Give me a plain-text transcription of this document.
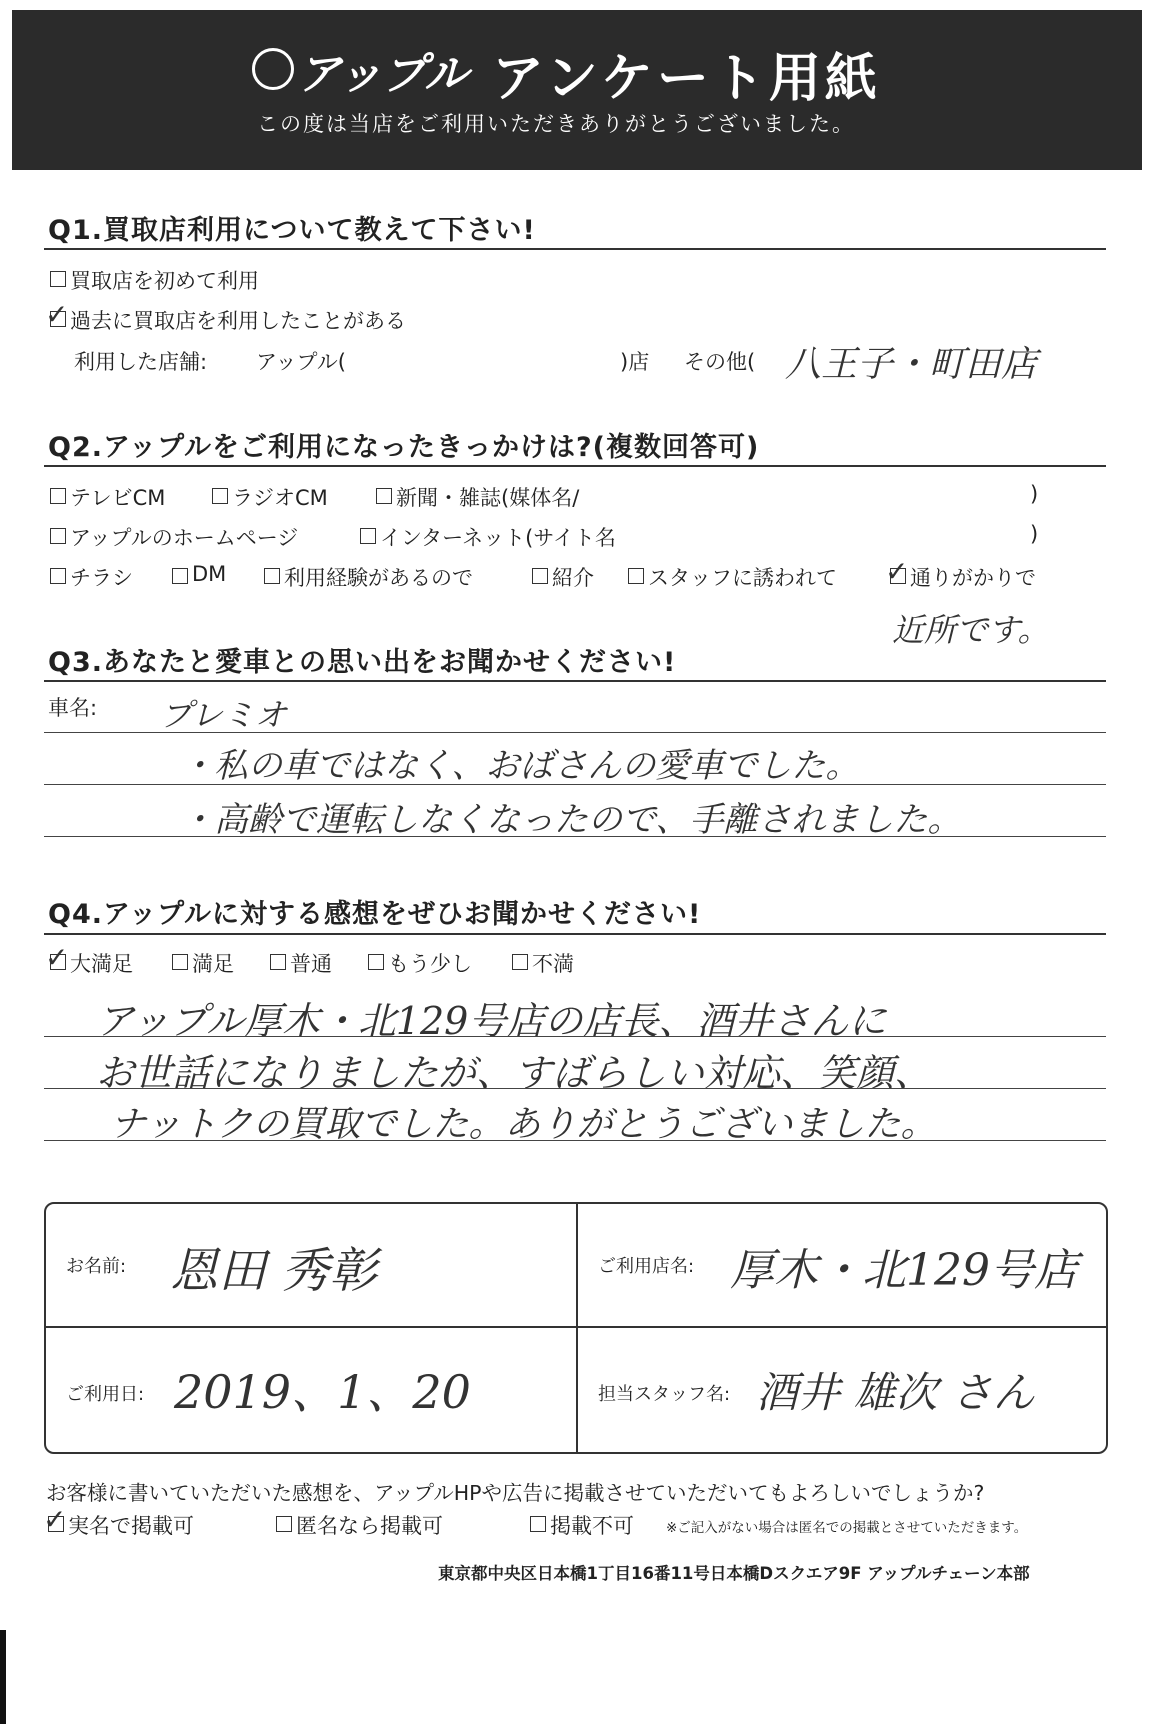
アップル アンケート用紙
この度は当店をご利用いただきありがとうございました。
Q1.買取店利用について教えて下さい!
買取店を初めて利用
✓ 過去に買取店を利用したことがある
利用した店舗: アップル(	)店 その他( 八王子・町田店
Q2.アップルをご利用になったきっかけは?(複数回答可)
テレビCM	ラジオCM	新聞・雑誌(媒体名/	)
アップルのホームページ	インターネット(サイト名	)
チラシ	DM	利用経験があるので	紹介	スタッフに誘われて ✓ 通りがかりで
近所です。
Q3.あなたと愛車との思い出をお聞かせください!
車名: プレミオ
・私の車ではなく、おばさんの愛車でした。
・高齢で運転しなくなったので、手離されました。
Q4.アップルに対する感想をぜひお聞かせください!
✓ 大満足	満足	普通	もう少し	不満
アップル厚木・北129号店の店長、酒井さんに
お世話になりましたが、すばらしい対応、笑顔、
ナットクの買取でした。ありがとうございました。
お名前: 恩田 秀彰	ご利用店名: 厚木・北129号店
ご利用日: 2019、1、20	担当スタッフ名: 酒井 雄次 さん
お客様に書いていただいた感想を、アップルHPや広告に掲載させていただいてもよろしいでしょうか?
✓ 実名で掲載可	匿名なら掲載可	掲載不可 ※ご記入がない場合は匿名での掲載とさせていただきます。
東京都中央区日本橋1丁目16番11号日本橋Dスクエア9F アップルチェーン本部
